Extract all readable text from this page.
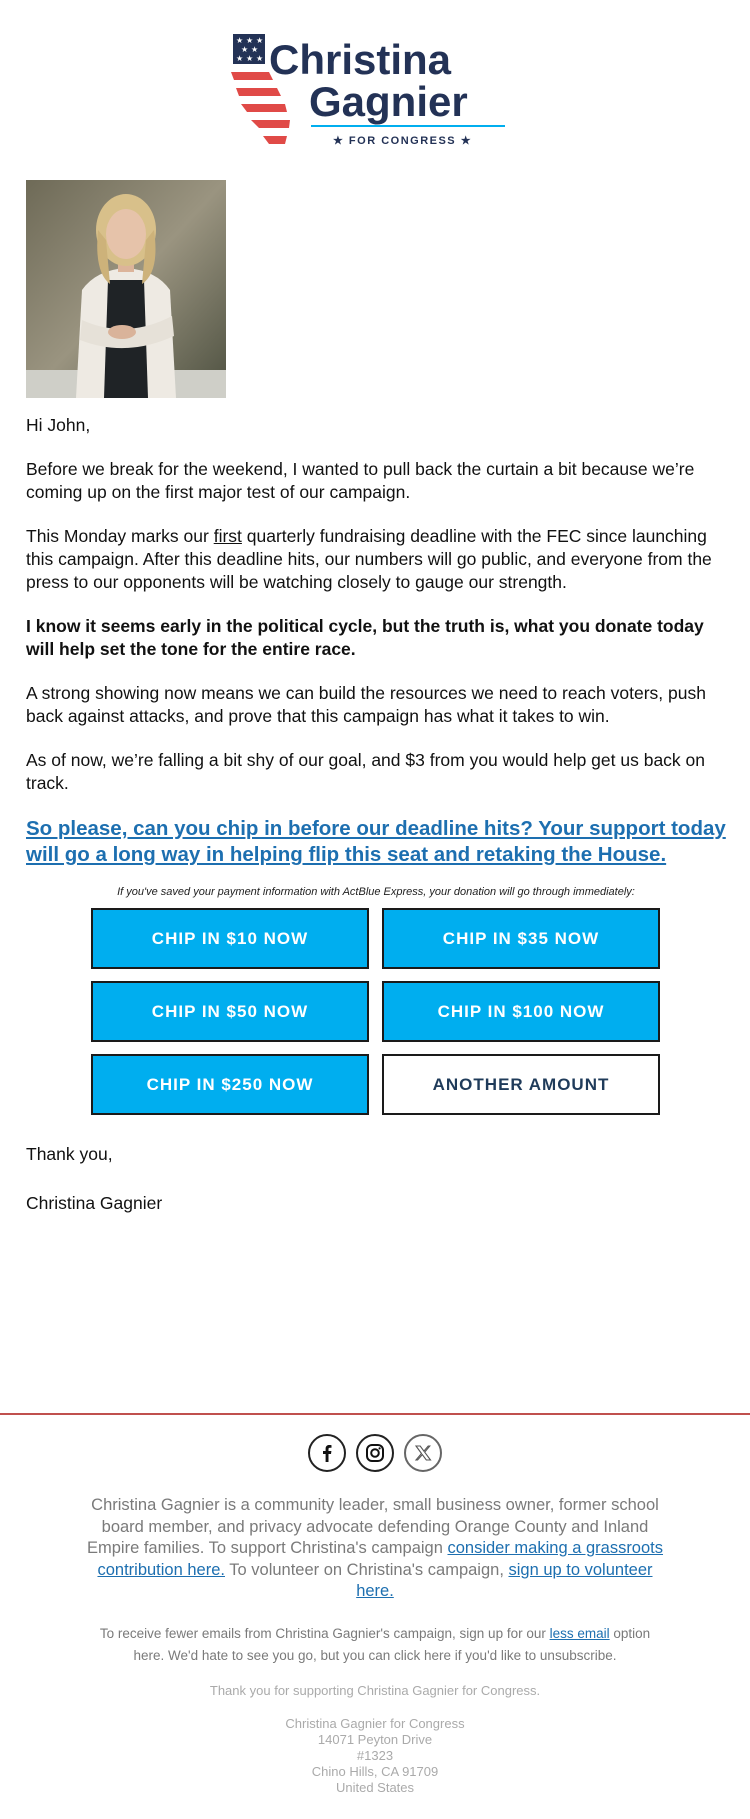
★ ★ ★
★ ★
★ ★ ★ Christina
Gagnier
★ FOR CONGRESS ★

Hi John,

Before we break for the weekend, I wanted to pull back the curtain a bit because we’re coming up on the first major test of our campaign.

This Monday marks our first quarterly fundraising deadline with the FEC since launching this campaign. After this deadline hits, our numbers will go public, and everyone from the press to our opponents will be watching closely to gauge our strength.

I know it seems early in the political cycle, but the truth is, what you donate today will help set the tone for the entire race.

A strong showing now means we can build the resources we need to reach voters, push back against attacks, and prove that this campaign has what it takes to win.

As of now, we’re falling a bit shy of our goal, and $3 from you would help get us back on track.

So please, can you chip in before our deadline hits? Your support today will go a long way in helping flip this seat and retaking the House.
If you've saved your payment information with ActBlue Express, your donation will go through immediately:
CHIP IN $10 NOW	CHIP IN $35 NOW
CHIP IN $50 NOW	CHIP IN $100 NOW
CHIP IN $250 NOW	ANOTHER AMOUNT

Thank you,

Christina Gagnier

Christina Gagnier is a community leader, small business owner, former school board member, and privacy advocate defending Orange County and Inland Empire families. To support Christina's campaign consider making a grassroots contribution here. To volunteer on Christina's campaign, sign up to volunteer here.
To receive fewer emails from Christina Gagnier's campaign, sign up for our less email option here. We'd hate to see you go, but you can click here if you'd like to unsubscribe.
Thank you for supporting Christina Gagnier for Congress.
Christina Gagnier for Congress
14071 Peyton Drive
#1323
Chino Hills, CA 91709
United States
